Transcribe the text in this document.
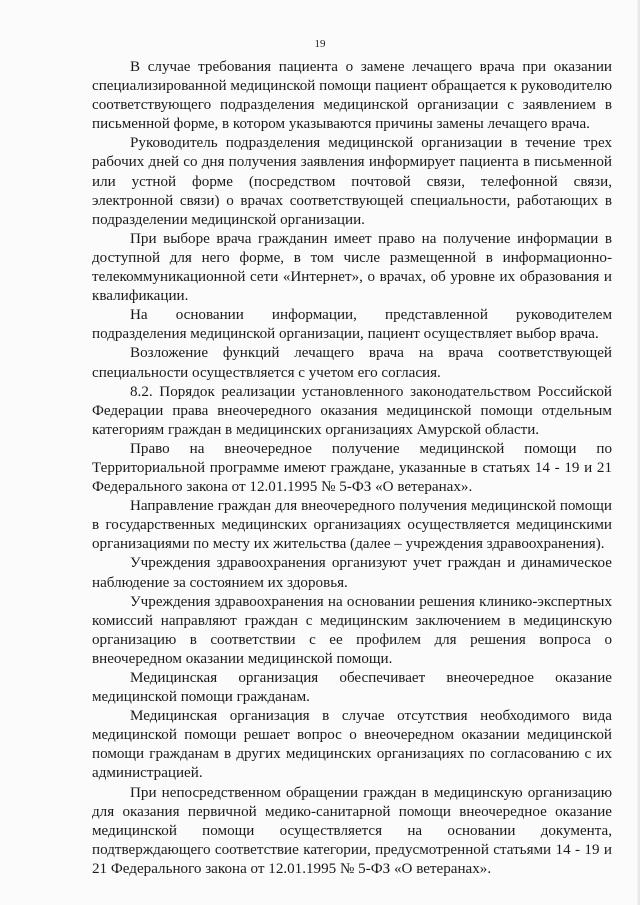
19

В случае требования пациента о замене лечащего врача при оказании специализированной медицинской помощи пациент обращается к руководителю соответствующего подразделения медицинской организации с заявлением в письменной форме, в котором указываются причины замены лечащего врача.

Руководитель подразделения медицинской организации в течение трех рабочих дней со дня получения заявления информирует пациента в письменной или устной форме (посредством почтовой связи, телефонной связи, электронной связи) о врачах соответствующей специальности, работающих в подразделении медицинской организации.

При выборе врача гражданин имеет право на получение информации в доступной для него форме, в том числе размещенной в информационно-телекоммуникационной сети «Интернет», о врачах, об уровне их образования и квалификации.

На основании информации, представленной руководителем подразделения медицинской организации, пациент осуществляет выбор врача.

Возложение функций лечащего врача на врача соответствующей специальности осуществляется с учетом его согласия.

8.2. Порядок реализации установленного законодательством Российской Федерации права внеочередного оказания медицинской помощи отдельным категориям граждан в медицинских организациях Амурской области.

Право на внеочередное получение медицинской помощи по Территориальной программе имеют граждане, указанные в статьях 14 - 19 и 21 Федерального закона от 12.01.1995 № 5-ФЗ «О ветеранах».

Направление граждан для внеочередного получения медицинской помощи в государственных медицинских организациях осуществляется медицинскими организациями по месту их жительства (далее – учреждения здравоохранения).

Учреждения здравоохранения организуют учет граждан и динамическое наблюдение за состоянием их здоровья.

Учреждения здравоохранения на основании решения клинико-экспертных комиссий направляют граждан с медицинским заключением в медицинскую организацию в соответствии с ее профилем для решения вопроса о внеочередном оказании медицинской помощи.

Медицинская организация обеспечивает внеочередное оказание медицинской помощи гражданам.

Медицинская организация в случае отсутствия необходимого вида медицинской помощи решает вопрос о внеочередном оказании медицинской помощи гражданам в других медицинских организациях по согласованию с их администрацией.

При непосредственном обращении граждан в медицинскую организацию для оказания первичной медико-санитарной помощи внеочередное оказание медицинской помощи осуществляется на основании документа, подтверждающего соответствие категории, предусмотренной статьями 14 - 19 и 21 Федерального закона от 12.01.1995 № 5-ФЗ «О ветеранах».
